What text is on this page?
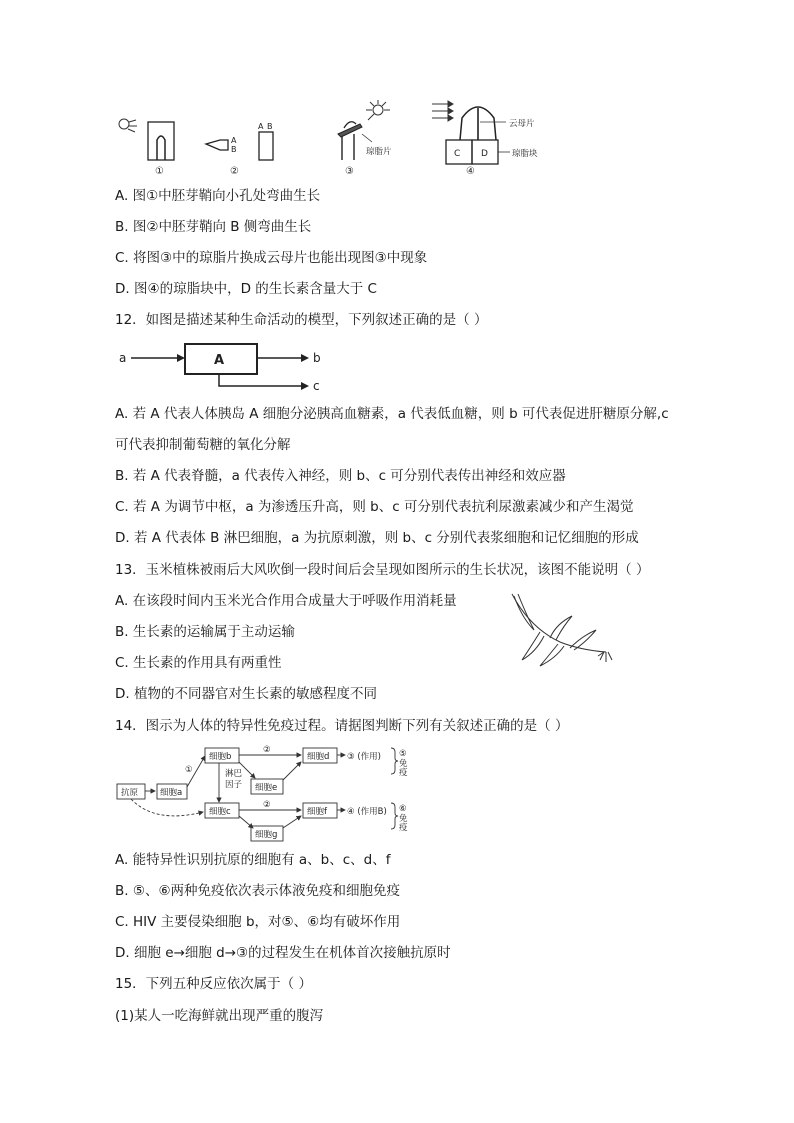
①
A
B
②
A B
琼脂片
③
云母片
C D	琼脂块
④
A. 图①中胚芽鞘向小孔处弯曲生长
B. 图②中胚芽鞘向 B 侧弯曲生长
C. 将图③中的琼脂片换成云母片也能出现图③中现象
D. 图④的琼脂块中，D 的生长素含量大于 C
12．如图是描述某种生命活动的模型，下列叙述正确的是（ ）
a	A	b
c
A. 若 A 代表人体胰岛 A 细胞分泌胰高血糖素，a 代表低血糖，则 b 可代表促进肝糖原分解,c
可代表抑制葡萄糖的氧化分解
B. 若 A 代表脊髓，a 代表传入神经，则 b、c 可分别代表传出神经和效应器
C. 若 A 为调节中枢，a 为渗透压升高，则 b、c 可分别代表抗利尿激素减少和产生渴觉
D. 若 A 代表体 B 淋巴细胞，a 为抗原刺激，则 b、c 分别代表浆细胞和记忆细胞的形成
13．玉米植株被雨后大风吹倒一段时间后会呈现如图所示的生长状况，该图不能说明（ ）
A. 在该段时间内玉米光合作用合成量大于呼吸作用消耗量
B. 生长素的运输属于主动运输
C. 生长素的作用具有两重性
D. 植物的不同器官对生长素的敏感程度不同
14．图示为人体的特异性免疫过程。请据图判断下列有关叙述正确的是（ ）
抗原	细胞a
①
细胞b
淋巴
因子 细胞e
②
细胞d ③ (作用) ⑤
免
疫
细胞c
②
细胞g
细胞f ④ (作用B) ⑥
免
疫
A. 能特异性识别抗原的细胞有 a、b、c、d、f
B. ⑤、⑥两种免疫依次表示体液免疫和细胞免疫
C. HIV 主要侵染细胞 b，对⑤、⑥均有破坏作用
D. 细胞 e→细胞 d→③的过程发生在机体首次接触抗原时
15．下列五种反应依次属于（ ）
(1)某人一吃海鲜就出现严重的腹泻
